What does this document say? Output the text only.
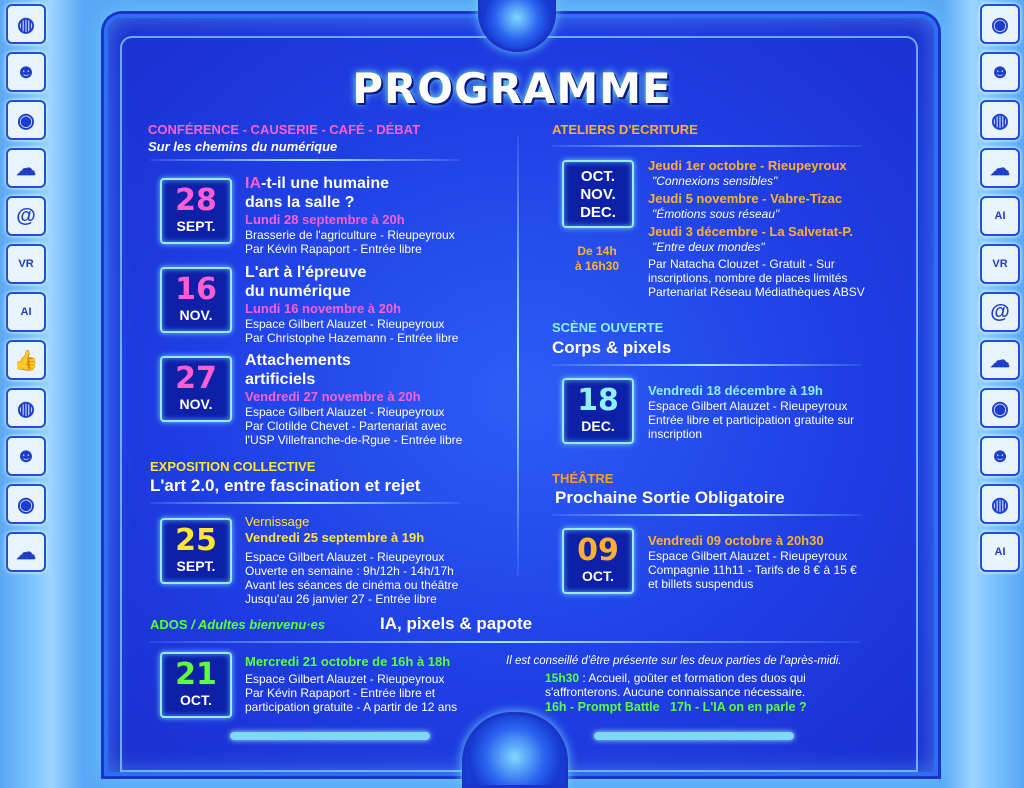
◍
☻
◉
☁
@
VR
AI
👍
◍
☻
◉
☁
◉
☻
◍
☁
AI
VR
@
☁
◉
☻
◍
AI
PROGRAMME
CONFÉRENCE - CAUSERIE - CAFÉ - DÉBAT
Sur les chemins du numérique
28
SEPT.
IA-t-il une humaine
dans la salle ?
Lundi 28 septembre à 20h
Brasserie de l'agriculture - Rieupeyroux
Par Kévin Rapaport - Entrée libre
16
NOV.
L'art à l'épreuve
du numérique
Lundi 16 novembre à 20h
Espace Gilbert Alauzet - Rieupeyroux
Par Christophe Hazemann - Entrée libre
27
NOV.
Attachements
artificiels
Vendredi 27 novembre à 20h
Espace Gilbert Alauzet - Rieupeyroux
Par Clotilde Chevet - Partenariat avec
l'USP Villefranche-de-Rgue - Entrée libre
EXPOSITION COLLECTIVE
L'art 2.0, entre fascination et rejet
25
SEPT.
Vernissage
Vendredi 25 septembre à 19h
Espace Gilbert Alauzet - Rieupeyroux
Ouverte en semaine : 9h/12h - 14h/17h
Avant les séances de cinéma ou théâtre
Jusqu'au 26 janvier 27 - Entrée libre
ADOS / Adultes bienvenu·es	IA, pixels & papote
21
OCT.
Mercredi 21 octobre de 16h à 18h
Espace Gilbert Alauzet - Rieupeyroux
Par Kévin Rapaport - Entrée libre et
participation gratuite - A partir de 12 ans
Il est conseillé d'être présente sur les deux parties de l'après-midi.
15h30 : Accueil, goûter et formation des duos qui
s'affronterons. Aucune connaissance nécessaire.
16h - Prompt Battle 17h - L'IA on en parle ?
ATELIERS D'ECRITURE
OCT.
NOV.
DEC.
De 14h
à 16h30
Jeudi 1er octobre - Rieupeyroux
"Connexions sensibles"
Jeudi 5 novembre - Vabre-Tizac
"Émotions sous réseau"
Jeudi 3 décembre - La Salvetat-P.
"Entre deux mondes"
Par Natacha Clouzet - Gratuit - Sur
inscriptions, nombre de places limités
Partenariat Réseau Médiathèques ABSV
SCÈNE OUVERTE
Corps & pixels
18
DEC.
Vendredi 18 décembre à 19h
Espace Gilbert Alauzet - Rieupeyroux
Entrée libre et participation gratuite sur
inscription
THÉÂTRE
Prochaine Sortie Obligatoire
09
OCT.
Vendredi 09 octobre à 20h30
Espace Gilbert Alauzet - Rieupeyroux
Compagnie 11h11 - Tarifs de 8 € à 15 €
et billets suspendus
